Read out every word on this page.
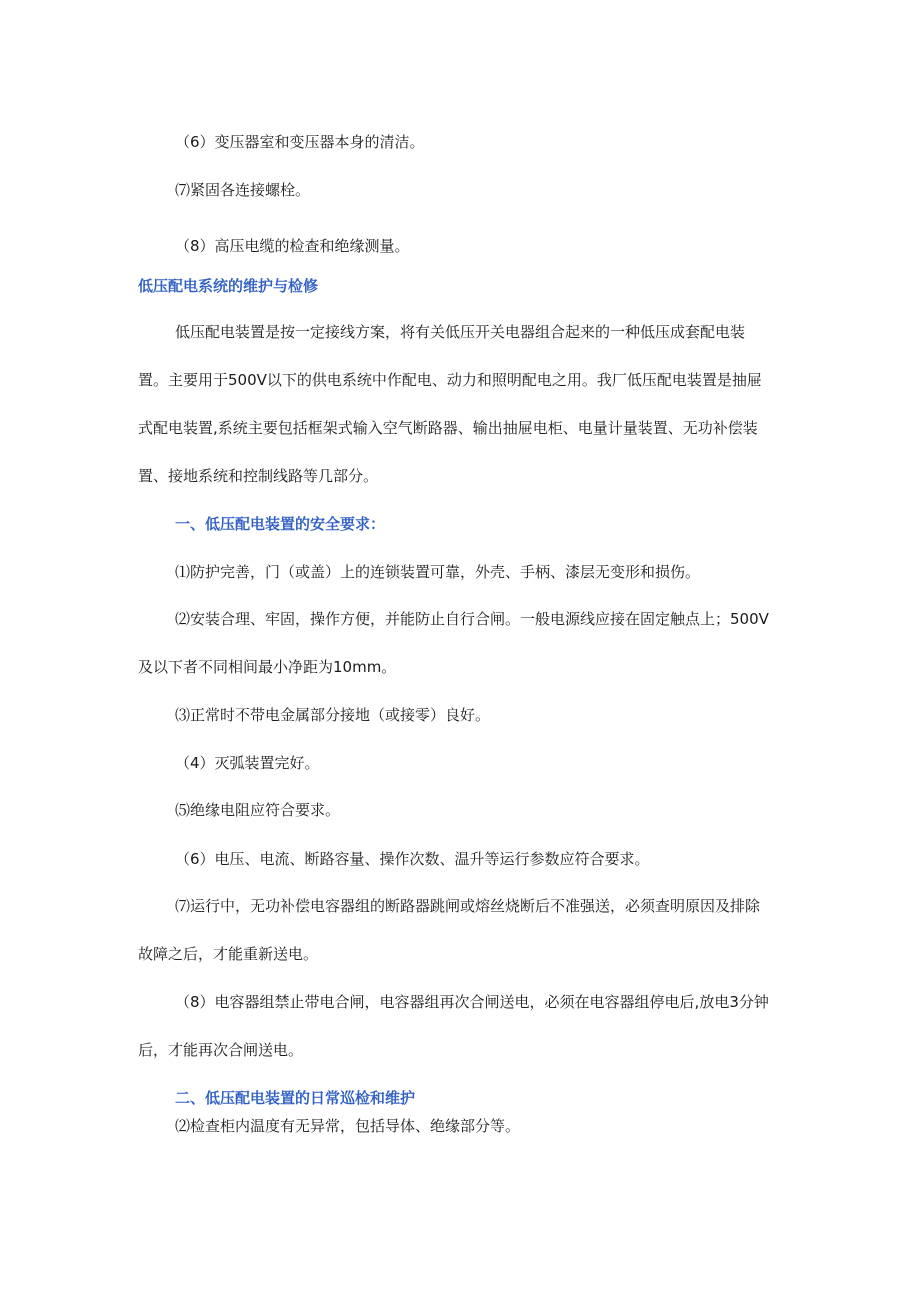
（6）变压器室和变压器本身的清洁。

⑺紧固各连接螺栓。

（8）高压电缆的检查和绝缘测量。

低压配电系统的维护与检修

低压配电装置是按一定接线方案，将有关低压开关电器组合起来的一种低压成套配电装

置。主要用于500V以下的供电系统中作配电、动力和照明配电之用。我厂低压配电装置是抽屉

式配电装置,系统主要包括框架式输入空气断路器、输出抽屉电柜、电量计量装置、无功补偿装

置、接地系统和控制线路等几部分。

一、低压配电装置的安全要求：

⑴防护完善，门（或盖）上的连锁装置可靠，外壳、手柄、漆层无变形和损伤。

⑵安装合理、牢固，操作方便，并能防止自行合闸。一般电源线应接在固定触点上；500V

及以下者不同相间最小净距为10mm。

⑶正常时不带电金属部分接地（或接零）良好。

（4）灭弧装置完好。

⑸绝缘电阻应符合要求。

（6）电压、电流、断路容量、操作次数、温升等运行参数应符合要求。

⑺运行中，无功补偿电容器组的断路器跳闸或熔丝烧断后不准强送，必须查明原因及排除

故障之后，才能重新送电。

（8）电容器组禁止带电合闸，电容器组再次合闸送电，必须在电容器组停电后,放电3分钟

后，才能再次合闸送电。

二、低压配电装置的日常巡检和维护

⑵检查柜内温度有无异常，包括导体、绝缘部分等。
